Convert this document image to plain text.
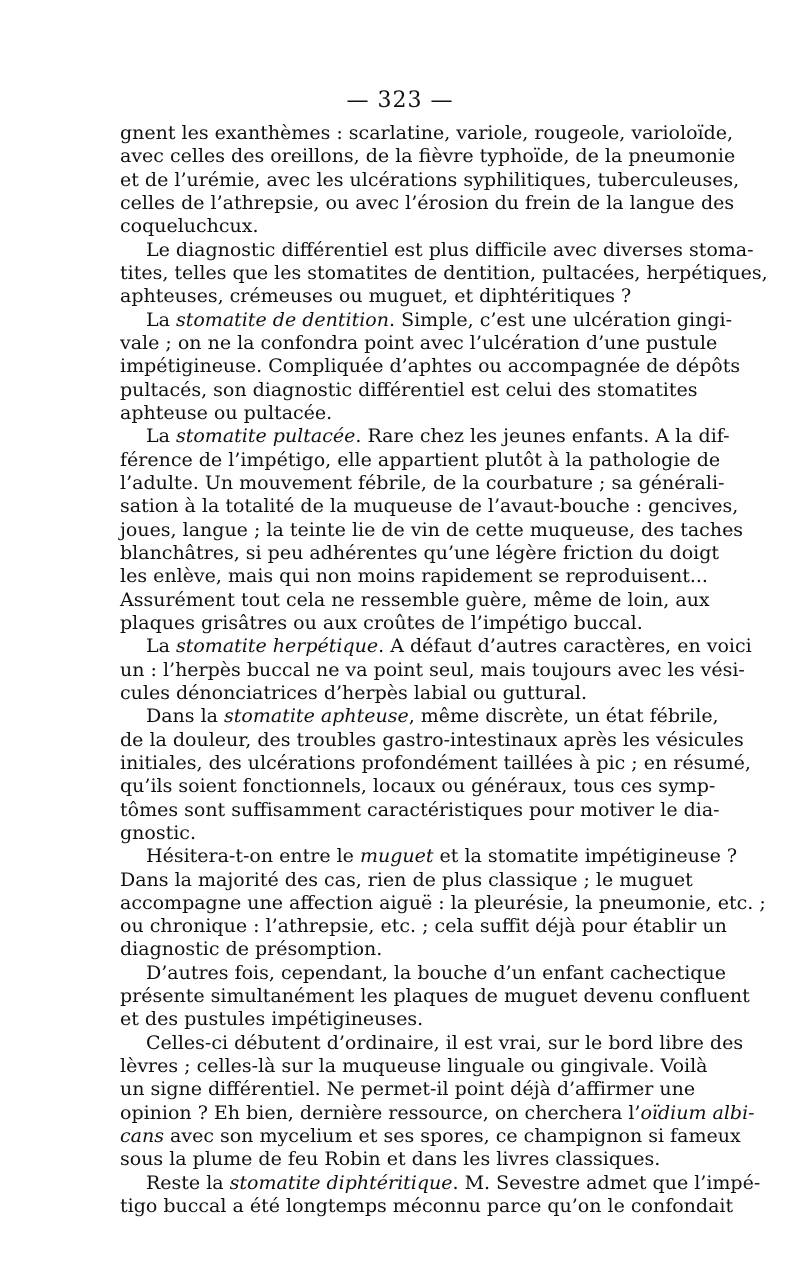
— 323 —
gnent les exanthèmes : scarlatine, variole, rougeole, varioloïde,
avec celles des oreillons, de la fièvre typhoïde, de la pneumonie
et de l’urémie, avec les ulcérations syphilitiques, tuberculeuses,
celles de l’athrepsie, ou avec l’érosion du frein de la langue des
coqueluchcux.
Le diagnostic différentiel est plus difficile avec diverses stoma-
tites, telles que les stomatites de dentition, pultacées, herpétiques,
aphteuses, crémeuses ou muguet, et diphtéritiques ?
La stomatite de dentition. Simple, c’est une ulcération gingi-
vale ; on ne la confondra point avec l’ulcération d’une pustule
impétigineuse. Compliquée d’aphtes ou accompagnée de dépôts
pultacés, son diagnostic différentiel est celui des stomatites
aphteuse ou pultacée.
La stomatite pultacée. Rare chez les jeunes enfants. A la dif-
férence de l’impétigo, elle appartient plutôt à la pathologie de
l’adulte. Un mouvement fébrile, de la courbature ; sa générali-
sation à la totalité de la muqueuse de l’avaut-bouche : gencives,
joues, langue ; la teinte lie de vin de cette muqueuse, des taches
blanchâtres, si peu adhérentes qu’une légère friction du doigt
les enlève, mais qui non moins rapidement se reproduisent...
Assurément tout cela ne ressemble guère, même de loin, aux
plaques grisâtres ou aux croûtes de l’impétigo buccal.
La stomatite herpétique. A défaut d’autres caractères, en voici
un : l’herpès buccal ne va point seul, mais toujours avec les vési-
cules dénonciatrices d’herpès labial ou guttural.
Dans la stomatite aphteuse, même discrète, un état fébrile,
de la douleur, des troubles gastro-intestinaux après les vésicules
initiales, des ulcérations profondément taillées à pic ; en résumé,
qu’ils soient fonctionnels, locaux ou généraux, tous ces symp-
tômes sont suffisamment caractéristiques pour motiver le dia-
gnostic.
Hésitera-t-on entre le muguet et la stomatite impétigineuse ?
Dans la majorité des cas, rien de plus classique ; le muguet
accompagne une affection aiguë : la pleurésie, la pneumonie, etc. ;
ou chronique : l’athrepsie, etc. ; cela suffit déjà pour établir un
diagnostic de présomption.
D’autres fois, cependant, la bouche d’un enfant cachectique
présente simultanément les plaques de muguet devenu confluent
et des pustules impétigineuses.
Celles-ci débutent d’ordinaire, il est vrai, sur le bord libre des
lèvres ; celles-là sur la muqueuse linguale ou gingivale. Voilà
un signe différentiel. Ne permet-il point déjà d’affirmer une
opinion ? Eh bien, dernière ressource, on cherchera l’oïdium albi-
cans avec son mycelium et ses spores, ce champignon si fameux
sous la plume de feu Robin et dans les livres classiques.
Reste la stomatite diphtéritique. M. Sevestre admet que l’impé-
tigo buccal a été longtemps méconnu parce qu’on le confondait
